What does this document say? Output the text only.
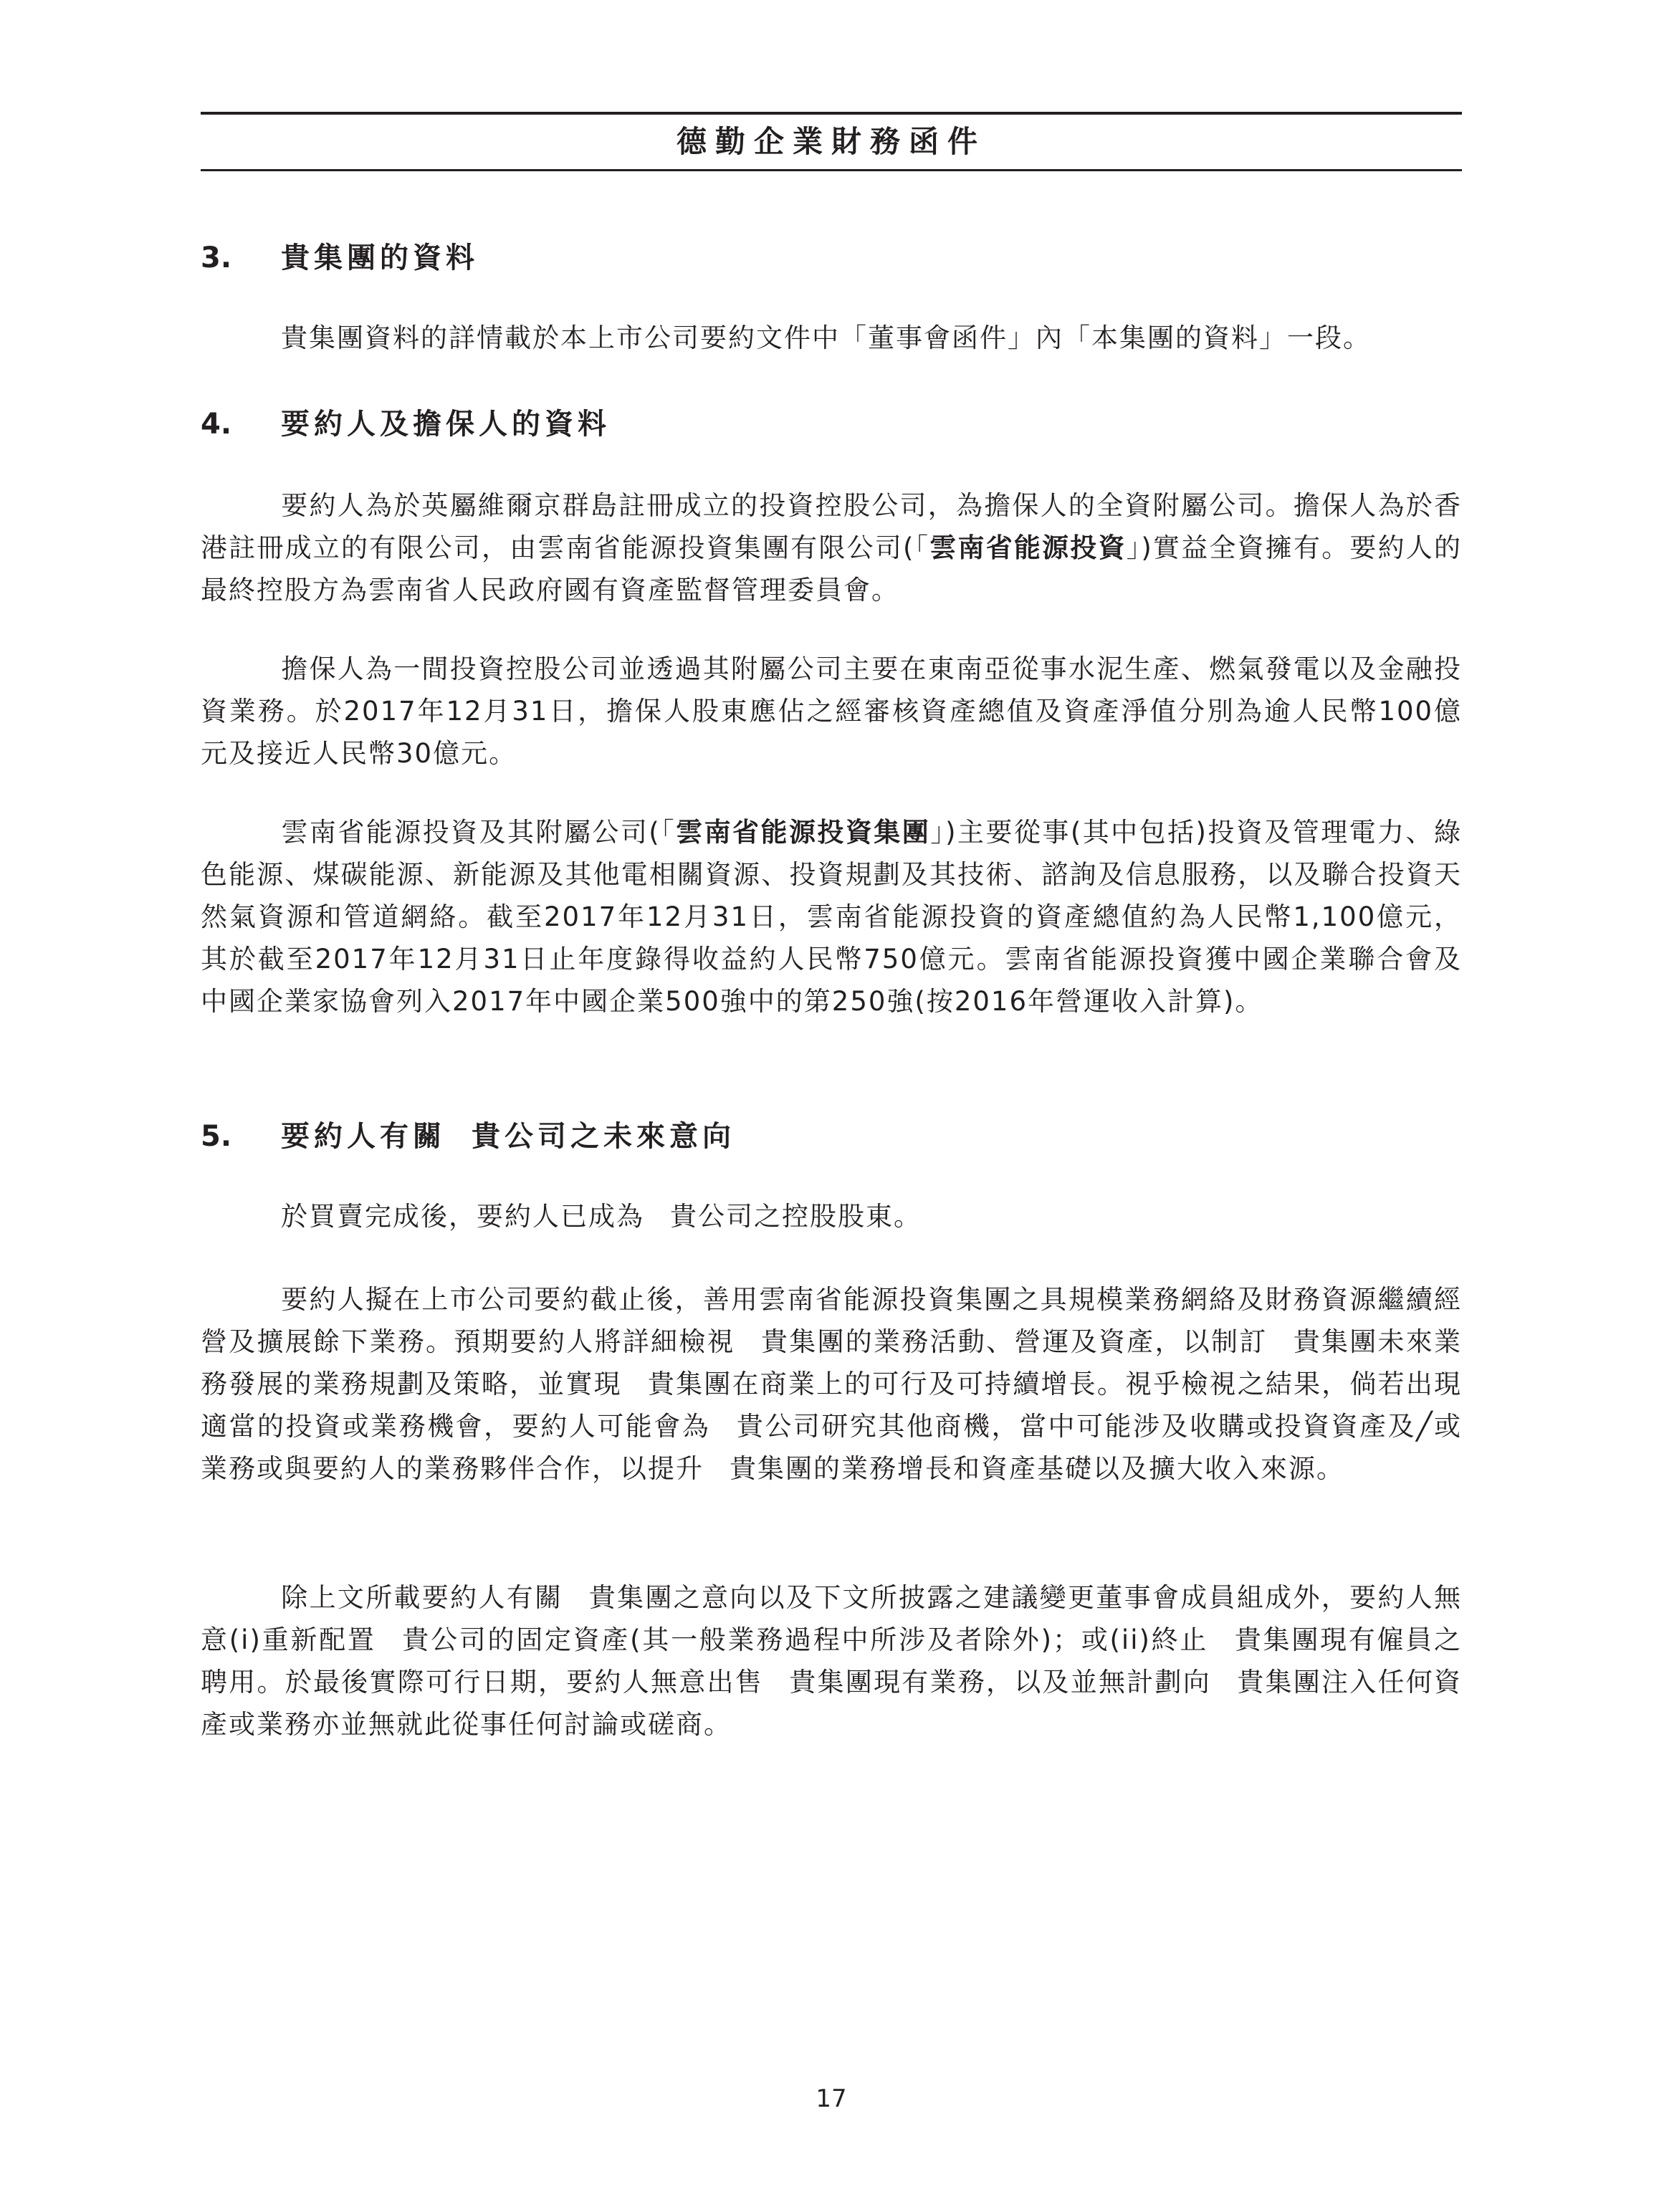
德勤企業財務函件
3. 貴集團的資料

貴集團資料的詳情載於本上市公司要約文件中「董事會函件」內「本集團的資料」一段。

4. 要約人及擔保人的資料

要約人為於英屬維爾京群島註冊成立的投資控股公司，為擔保人的全資附屬公司。擔保人為於香港註冊成立的有限公司，由雲南省能源投資集團有限公司(「雲南省能源投資」)實益全資擁有。要約人的最終控股方為雲南省人民政府國有資產監督管理委員會。

擔保人為一間投資控股公司並透過其附屬公司主要在東南亞從事水泥生產、燃氣發電以及金融投資業務。於2017年12月31日，擔保人股東應佔之經審核資產總值及資產淨值分別為逾人民幣100億元及接近人民幣30億元。

雲南省能源投資及其附屬公司(「雲南省能源投資集團」)主要從事(其中包括)投資及管理電力、綠色能源、煤碳能源、新能源及其他電相關資源、投資規劃及其技術、諮詢及信息服務，以及聯合投資天然氣資源和管道網絡。截至2017年12月31日，雲南省能源投資的資產總值約為人民幣1,100億元，其於截至2017年12月31日止年度錄得收益約人民幣750億元。雲南省能源投資獲中國企業聯合會及中國企業家協會列入2017年中國企業500強中的第250強(按2016年營運收入計算)。

5. 要約人有關 貴公司之未來意向

於買賣完成後，要約人已成為 貴公司之控股股東。

要約人擬在上市公司要約截止後，善用雲南省能源投資集團之具規模業務網絡及財務資源繼續經營及擴展餘下業務。預期要約人將詳細檢視 貴集團的業務活動、營運及資產，以制訂 貴集團未來業務發展的業務規劃及策略，並實現 貴集團在商業上的可行及可持續增長。視乎檢視之結果，倘若出現適當的投資或業務機會，要約人可能會為 貴公司研究其他商機，當中可能涉及收購或投資資產及╱或業務或與要約人的業務夥伴合作，以提升 貴集團的業務增長和資產基礎以及擴大收入來源。

除上文所載要約人有關 貴集團之意向以及下文所披露之建議變更董事會成員組成外，要約人無意(i)重新配置 貴公司的固定資產(其一般業務過程中所涉及者除外)；或(ii)終止 貴集團現有僱員之聘用。於最後實際可行日期，要約人無意出售 貴集團現有業務，以及並無計劃向 貴集團注入任何資產或業務亦並無就此從事任何討論或磋商。

17
